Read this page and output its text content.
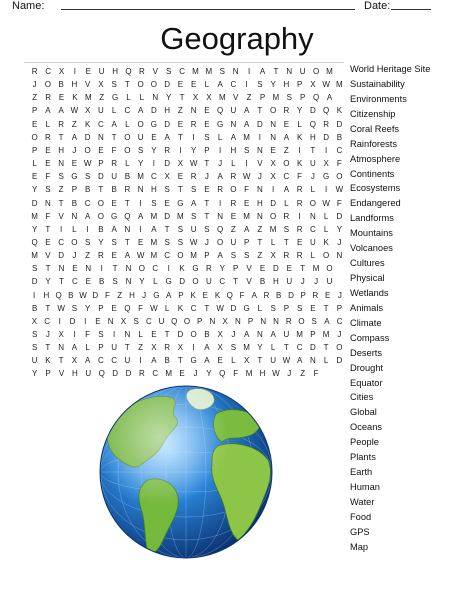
Name:	Date:
Geography
R C X	I	E U H Q R V	S C M M S N	I	A	T	N U O M
J	O B H V X S	T O O D E E	L	A C	I	S Y H P X W M
Z	R E	K M Z G	L	L	N Y	T	X	X M V	Z	P M S	P Q A
P A A W X U	L	C A D H Z N E Q U A	T O R Y D Q K
E	L	R Z	K C A	L O G D E R E G N A D N E	L Q R D
O R T	A D N T O U E A	T	I	S	L	A M	I	N A K H D B
P E H	J	O E	F O S Y R	I	Y P	I	H S N E	Z	I	T	I	C
L	E N E W P R	L	Y	I	D X W T	J	L	I	V X O K U X	F
E	F	S G S D U B M C X E R	J	A R W J	X C F	J	G O
Y S	Z	P B	T	B R N H S	T	S E R O F N	I	A R	L	I	W
D N T	B C O E	T	I	S E G A	T	I	R E H D	L	R O W F
M F	V N A O G Q A M D M S	T N E M N O R	I	N	L	D
Y	T	I	L	I	B A N	I	A	T	S U S Q Z	A	Z M S R C	L	Y
Q E C O S Y S	T	E M S S W J	O U P	T	L	T	E U K	J
M V D	J	Z R E A W M C O M P A S S	Z	X R R	L O N
S	T	N E N	I	T	N O C	I	K G R Y	P	V	E D E	T M O
D Y	T	C E	B	S N Y	L	G D O U C	T	V	B H U	J	J	U
I	H Q B W D F Z H J G A P K E K Q F A R B D P R E J
B	T W S Y P E Q F W L	K C T W D G L	S P S E	T	P
X C	I	D	I	E N X S C U Q O P N X N P N N R O S A C
S	J	X	I	F	S	I	N	L	E	T D O B X	J	A N A U M P M J
S	T N A	L	P U T	Z	X R X	I	A X S M Y	L	T C D T O
U K	T	X A C C U	I	A B	T G A E	L	X	T U W A N	L	D
Y	P	V H U Q D D R C M E	J	Y Q F M H W J	Z	F
World Heritage Site
Sustainability
Environments
Citizenship
Coral Reefs
Rainforests
Atmosphere
Continents
Ecosystems
Endangered
Landforms
Mountains
Volcanoes
Cultures
Physical
Wetlands
Animals
Climate
Compass
Deserts
Drought
Equator
Cities
Global
Oceans
People
Plants
Earth
Human
Water
Food
GPS
Map
